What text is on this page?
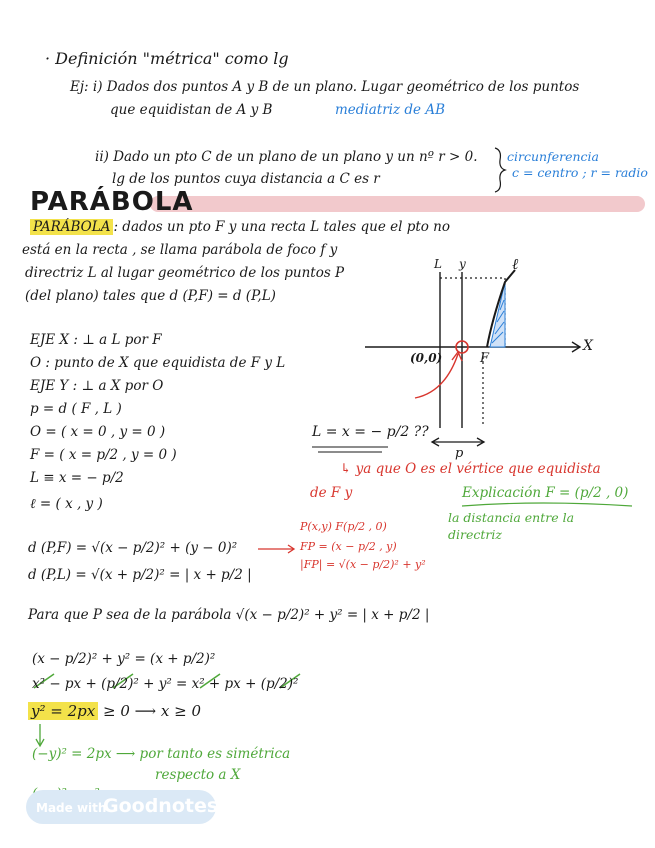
· Definición "métrica" como lg
Ej: i) Dados dos puntos A y B de un plano. Lugar geométrico de los puntos
que equidistan de A y B	mediatriz de AB
ii) Dado un pto C de un plano de un plano y un nº r > 0.
lg de los puntos cuya distancia a C es r
circunferencia
c = centro ; r = radio
PARÁBOLA
PARÁBOLA : dados un pto F y una recta L tales que el pto no
está en la recta , se llama parábola de foco f y
directriz L al lugar geométrico de los puntos P
(del plano) tales que d (P,F) = d (P,L)
EJE X : ⊥ a L por F
O : punto de X que equidista de F y L
EJE Y : ⊥ a X por O
p = d ( F , L )
O = ( x = 0 , y = 0 )
F = ( x = p/2 , y = 0 )
L ≡ x = − p/2
ℓ = ( x , y )
L y	ℓ
X
(0,0)	F
p
L = x = − p/2 ??
↳ ya que O es el vértice que equidista
de F y	Explicación F = (p/2 , 0)
la distancia entre la
directriz
d (P,F) = √(x − p/2)² + (y − 0)²
d (P,L) = √(x + p/2)² = | x + p/2 |
P(x,y) F(p/2 , 0)
FP = (x − p/2 , y)
|FP| = √(x − p/2)² + y²
Para que P sea de la parábola √(x − p/2)² + y² = | x + p/2 |
(x − p/2)² + y² = (x + p/2)²
x² − px + (p/2)² + y² = x² + px + (p/2)²
y² = 2px ≥ 0 ⟶ x ≥ 0
(−y)² = 2px ⟶ por tanto es simétrica
respecto a X
Made with
Goodnotes
